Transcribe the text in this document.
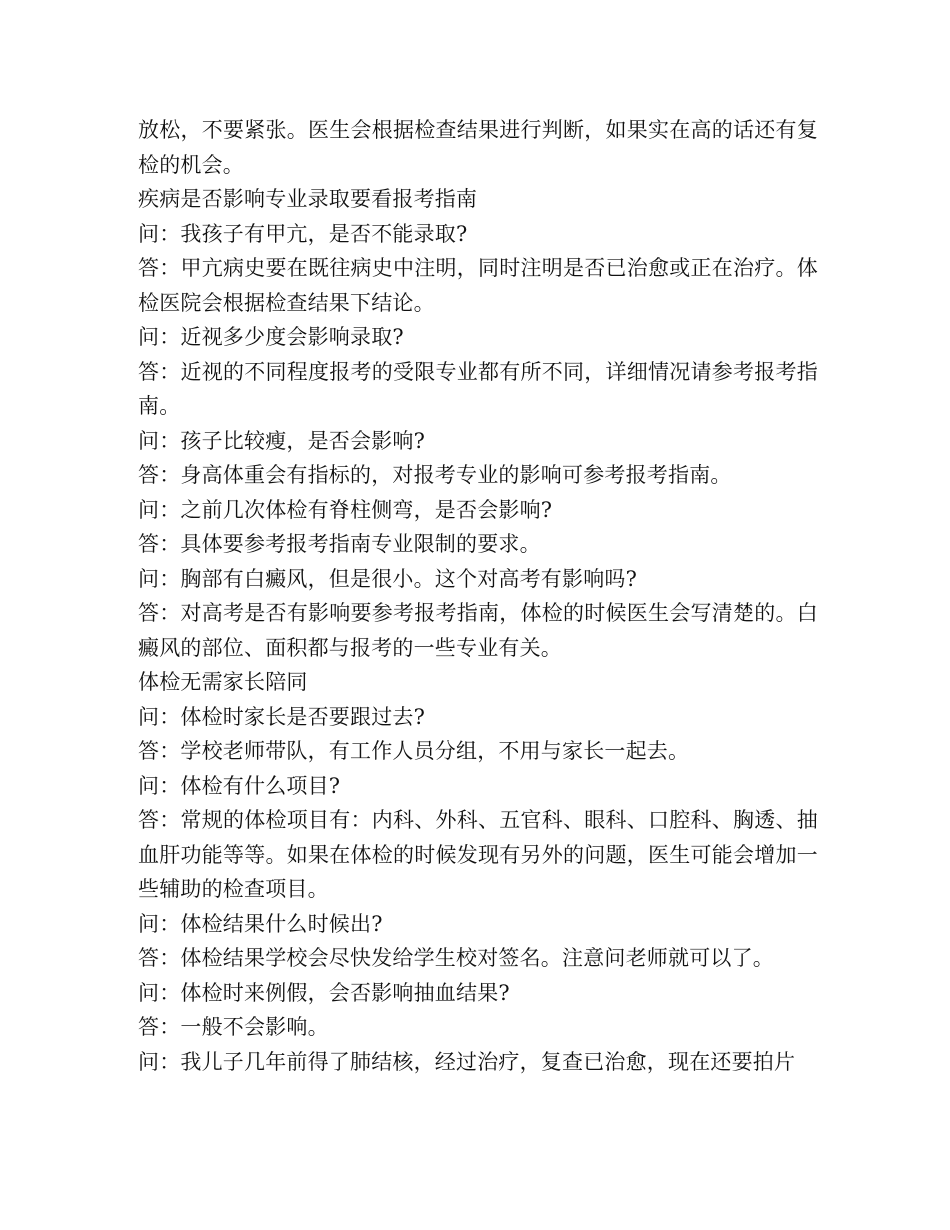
放松，不要紧张。医生会根据检查结果进行判断，如果实在高的话还有复检的机会。

疾病是否影响专业录取要看报考指南

问：我孩子有甲亢，是否不能录取?

答：甲亢病史要在既往病史中注明，同时注明是否已治愈或正在治疗。体检医院会根据检查结果下结论。

问：近视多少度会影响录取?

答：近视的不同程度报考的受限专业都有所不同，详细情况请参考报考指南。

问：孩子比较瘦，是否会影响?

答：身高体重会有指标的，对报考专业的影响可参考报考指南。

问：之前几次体检有脊柱侧弯，是否会影响?

答：具体要参考报考指南专业限制的要求。

问：胸部有白癜风，但是很小。这个对高考有影响吗?

答：对高考是否有影响要参考报考指南，体检的时候医生会写清楚的。白癜风的部位、面积都与报考的一些专业有关。

体检无需家长陪同

问：体检时家长是否要跟过去?

答：学校老师带队，有工作人员分组，不用与家长一起去。

问：体检有什么项目?

答：常规的体检项目有：内科、外科、五官科、眼科、口腔科、胸透、抽血肝功能等等。如果在体检的时候发现有另外的问题，医生可能会增加一些辅助的检查项目。

问：体检结果什么时候出?

答：体检结果学校会尽快发给学生校对签名。注意问老师就可以了。

问：体检时来例假，会否影响抽血结果?

答：一般不会影响。

问：我儿子几年前得了肺结核，经过治疗，复查已治愈，现在还要拍片
